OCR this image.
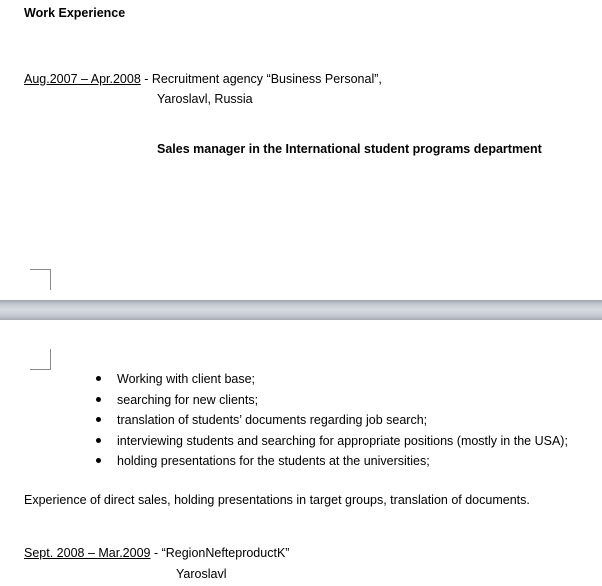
Work Experience
Aug.2007 – Apr.2008 - Recruitment agency “Business Personal”,
Yaroslavl, Russia
Sales manager in the International student programs department
Working with client base;
searching for new clients;
translation of students’ documents regarding job search;
interviewing students and searching for appropriate positions (mostly in the USA);
holding presentations for the students at the universities;
Experience of direct sales, holding presentations in target groups, translation of documents.
Sept. 2008 – Mar.2009 - “RegionNefteproductK”
Yaroslavl
